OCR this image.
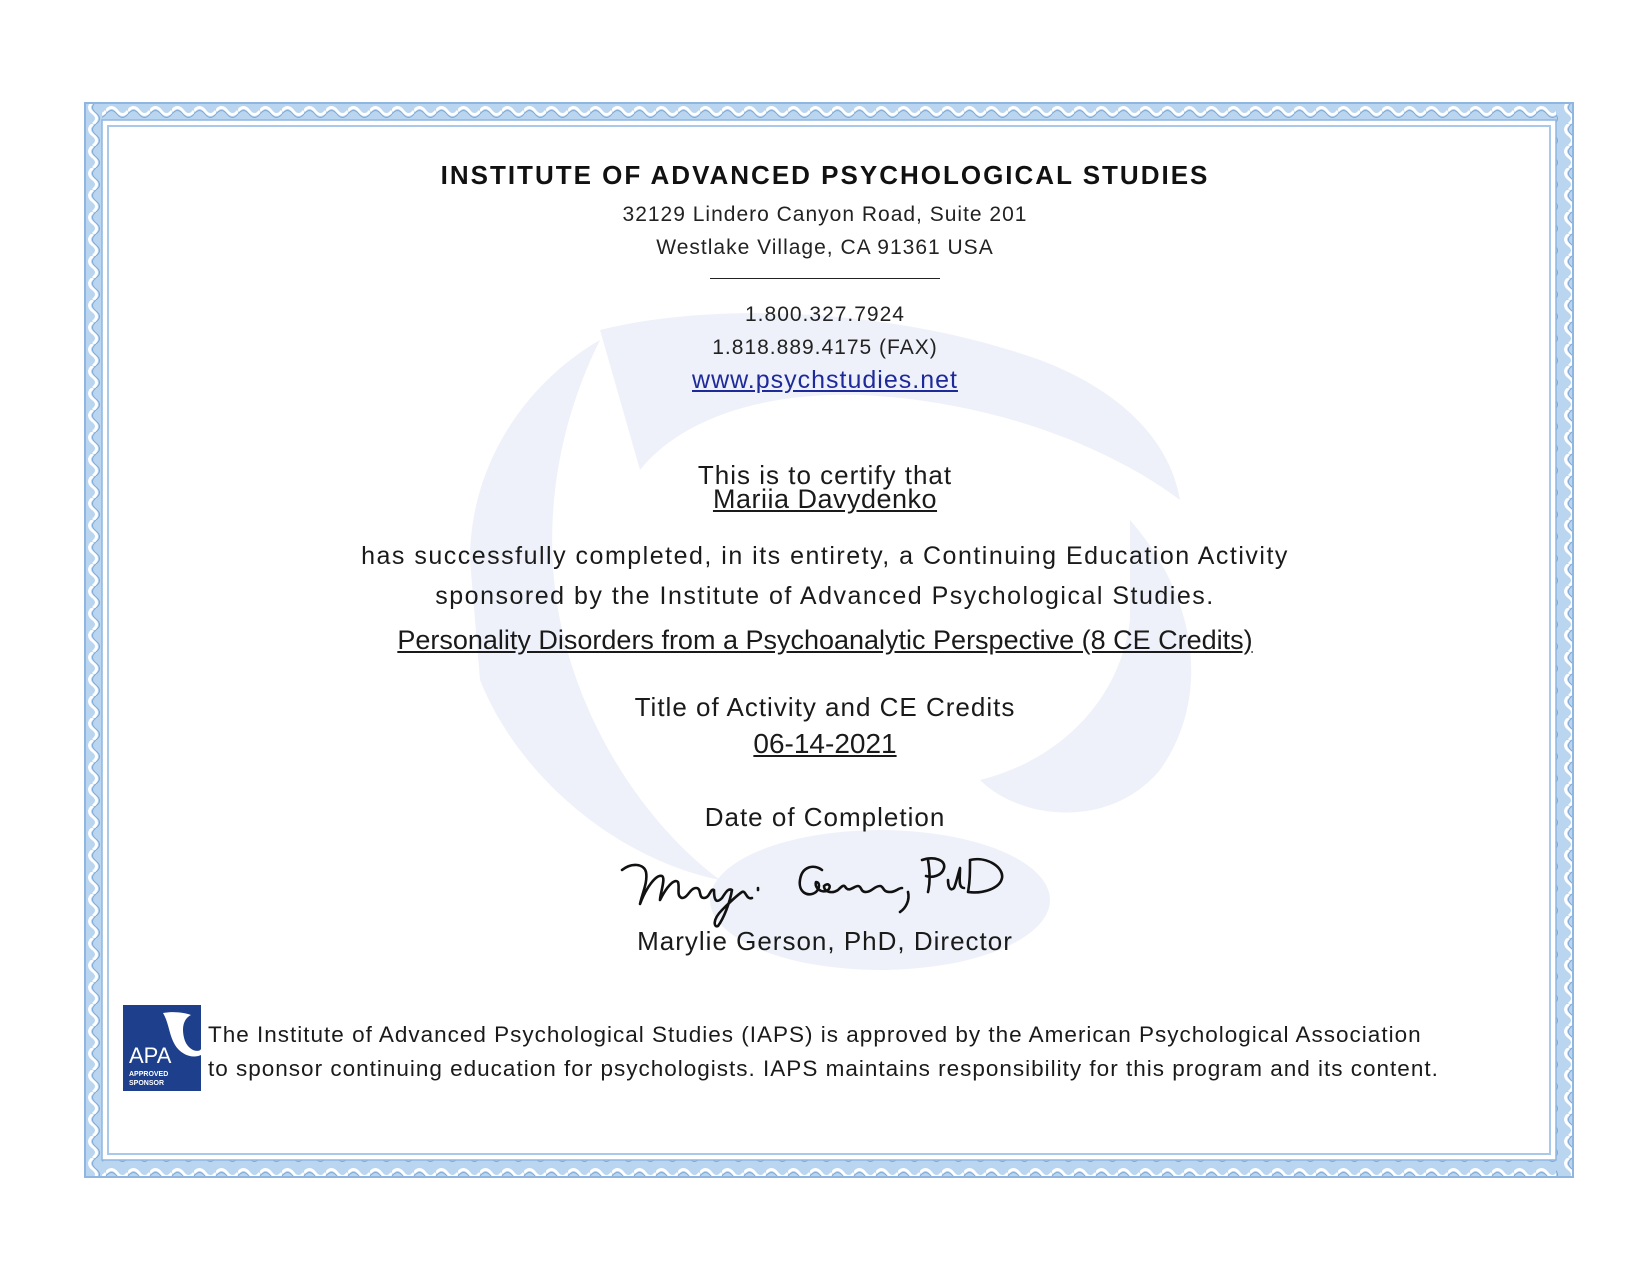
INSTITUTE OF ADVANCED PSYCHOLOGICAL STUDIES
32129 Lindero Canyon Road, Suite 201
Westlake Village, CA 91361 USA
1.800.327.7924
1.818.889.4175 (FAX)
www.psychstudies.net
This is to certify that
Mariia Davydenko
has successfully completed, in its entirety, a Continuing Education Activity
sponsored by the Institute of Advanced Psychological Studies.
Personality Disorders from a Psychoanalytic Perspective (8 CE Credits)
Title of Activity and CE Credits
06-14-2021
Date of Completion
Marylie Gerson, PhD, Director
APA
APPROVED
SPONSOR
The Institute of Advanced Psychological Studies (IAPS) is approved by the American Psychological Association
to sponsor continuing education for psychologists. IAPS maintains responsibility for this program and its content.
